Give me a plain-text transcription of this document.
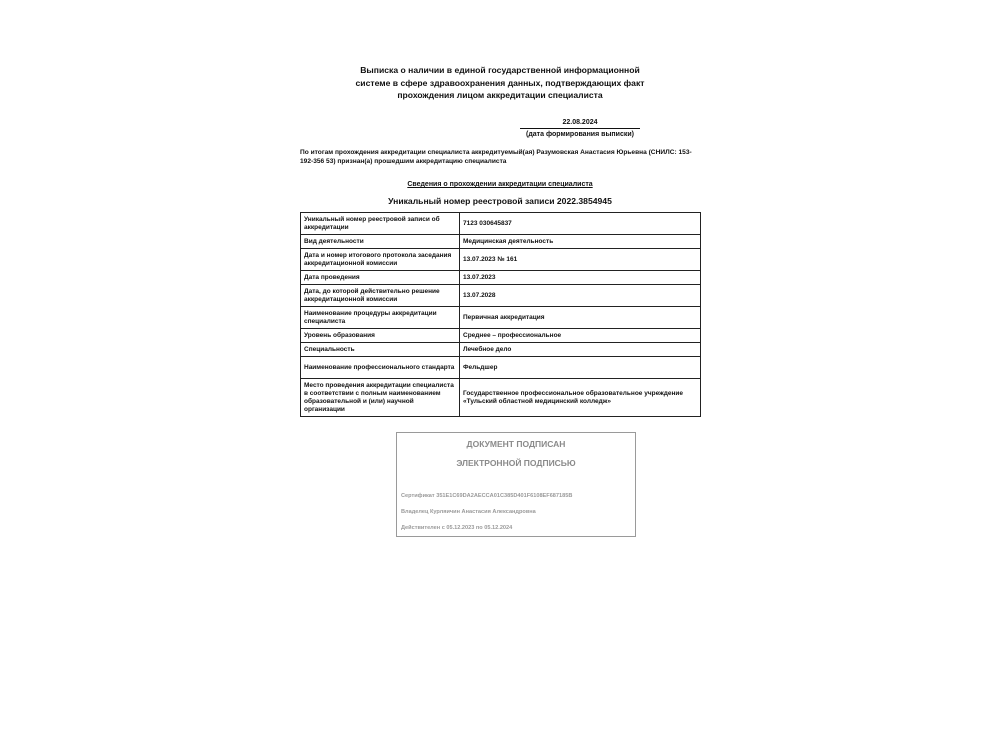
Выписка о наличии в единой государственной информационной
системе в сфере здравоохранения данных, подтверждающих факт
прохождения лицом аккредитации специалиста
22.08.2024
(дата формирования выписки)
По итогам прохождения аккредитации специалиста аккредитуемый(ая) Разумовская Анастасия Юрьевна (СНИЛС: 153-192-356 53) признан(а) прошедшим аккредитацию специалиста
Сведения о прохождении аккредитации специалиста
Уникальный номер реестровой записи 2022.3854945
Уникальный номер реестровой записи об аккредитации	7123 030645837
Вид деятельности	Медицинская деятельность
Дата и номер итогового протокола заседания аккредитационной комиссии	13.07.2023 № 161
Дата проведения	13.07.2023
Дата, до которой действительно решение аккредитационной комиссии	13.07.2028
Наименование процедуры аккредитации специалиста	Первичная аккредитация
Уровень образования	Среднее – профессиональное
Специальность	Лечебное дело
Наименование профессионального стандарта	Фельдшер
Место проведения аккредитации специалиста в соответствии с полным наименованием образовательной и (или) научной организации	Государственное профессиональное образовательное учреждение «Тульский областной медицинский колледж»
ДОКУМЕНТ ПОДПИСАН
ЭЛЕКТРОННОЙ ПОДПИСЬЮ
Сертификат 351E1C69DA2AECCA01C385D401F6108EF687185B
Владелец Курляичин Анастасия Александровна
Действителен с 05.12.2023 по 05.12.2024
